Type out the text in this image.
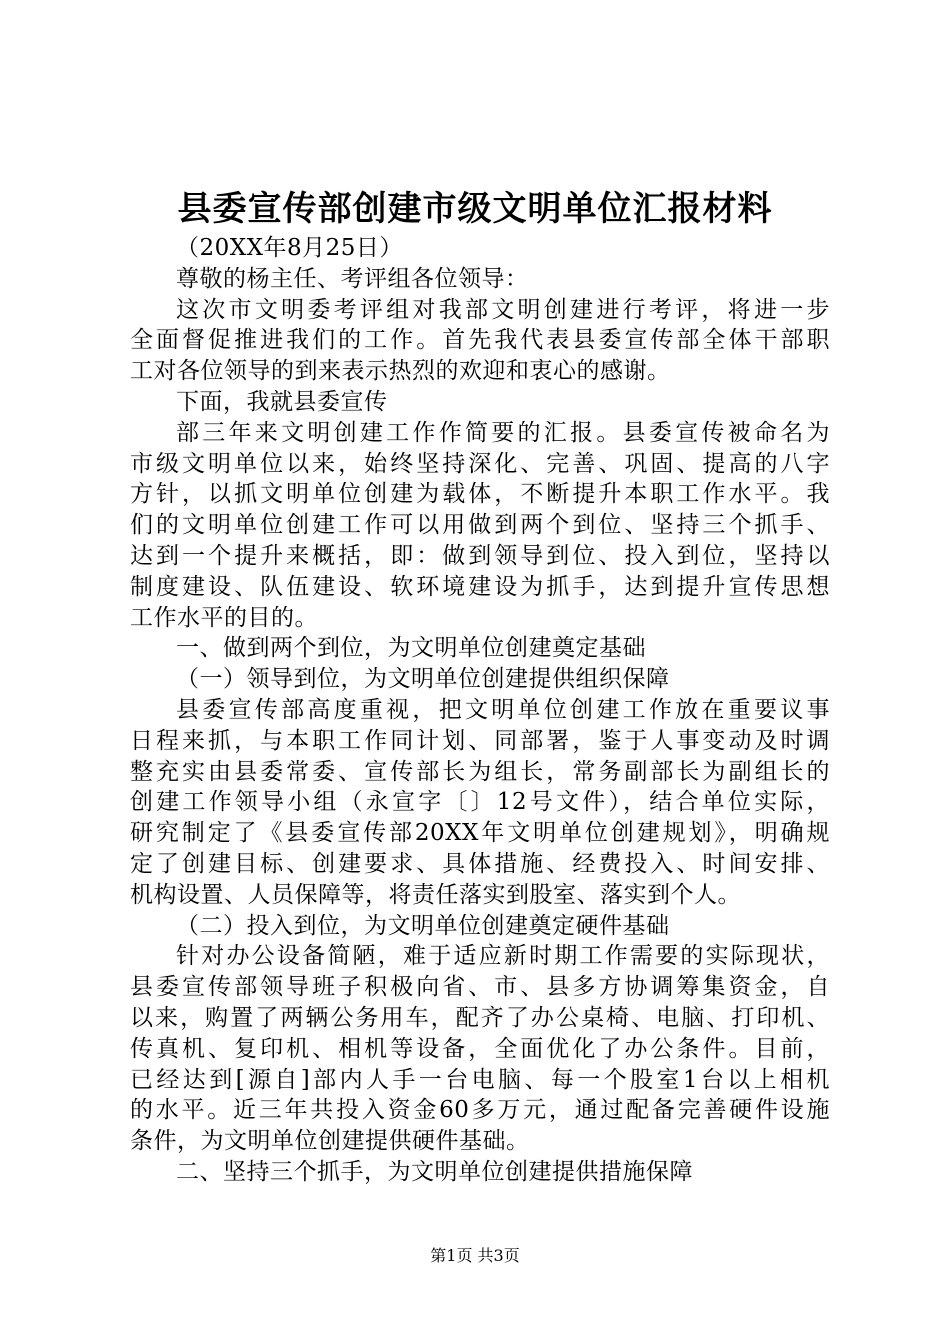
县委宣传部创建市级文明单位汇报材料
（20XX年8月25日）
尊敬的杨主任、考评组各位领导：
这次市文明委考评组对我部文明创建进行考评，将进一步
全面督促推进我们的工作。首先我代表县委宣传部全体干部职
工对各位领导的到来表示热烈的欢迎和衷心的感谢。
下面，我就县委宣传
部三年来文明创建工作作简要的汇报。县委宣传被命名为
市级文明单位以来，始终坚持深化、完善、巩固、提高的八字
方针，以抓文明单位创建为载体，不断提升本职工作水平。我
们的文明单位创建工作可以用做到两个到位、坚持三个抓手、
达到一个提升来概括，即：做到领导到位、投入到位，坚持以
制度建设、队伍建设、软环境建设为抓手，达到提升宣传思想
工作水平的目的。
一、做到两个到位，为文明单位创建奠定基础
（一）领导到位，为文明单位创建提供组织保障
县委宣传部高度重视，把文明单位创建工作放在重要议事
日程来抓，与本职工作同计划、同部署，鉴于人事变动及时调
整充实由县委常委、宣传部长为组长，常务副部长为副组长的
创建工作领导小组（永宣字〔〕12号文件），结合单位实际，
研究制定了《县委宣传部20XX年文明单位创建规划》，明确规
定了创建目标、创建要求、具体措施、经费投入、时间安排、
机构设置、人员保障等，将责任落实到股室、落实到个人。
（二）投入到位，为文明单位创建奠定硬件基础
针对办公设备简陋，难于适应新时期工作需要的实际现状，
县委宣传部领导班子积极向省、市、县多方协调筹集资金，自
以来，购置了两辆公务用车，配齐了办公桌椅、电脑、打印机、
传真机、复印机、相机等设备，全面优化了办公条件。目前，
已经达到[源自]部内人手一台电脑、每一个股室1台以上相机
的水平。近三年共投入资金60多万元，通过配备完善硬件设施
条件，为文明单位创建提供硬件基础。
二、坚持三个抓手，为文明单位创建提供措施保障
第1页 共3页
